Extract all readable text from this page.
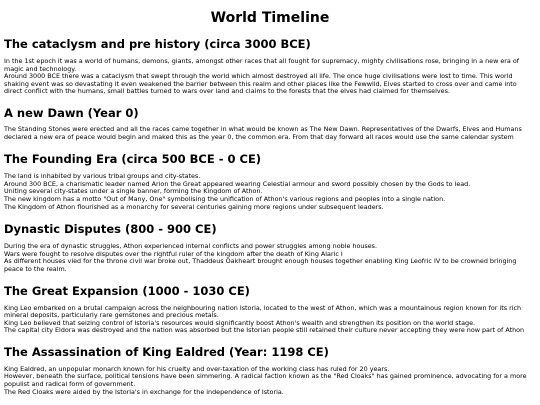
World Timeline
The cataclysm and pre history (circa 3000 BCE)

In the 1st epoch it was a world of humans, demons, giants, amongst other races that all fought for supremacy, mighty civilisations rose, bringing in a new era of magic and technology.

Around 3000 BCE there was a cataclysm that swept through the world which almost destroyed all life. The once huge civilisations were lost to time. This world shaking event was so devastating it even weakened the barrier between this realm and other places like the Fewwild, Elves started to cross over and came into direct conflict with the humans, small battles turned to wars over land and claims to the forests that the elves had claimed for themselves.

A new Dawn (Year 0)

The Standing Stones were erected and all the races came together in what would be known as The New Dawn. Representatives of the Dwarfs, Elves and Humans declared a new era of peace would begin and maked this as the year 0, the common era. From that day forward all races would use the same calendar system

The Founding Era (circa 500 BCE - 0 CE)

The land is inhabited by various tribal groups and city-states.

Around 300 BCE, a charismatic leader named Arion the Great appeared wearing Celestial armour and sword possibly chosen by the Gods to lead.

Uniting several city-states under a single banner, forming the Kingdom of Athon.

The new kingdom has a motto "Out of Many, One" symbolising the unification of Athon's various regions and peoples into a single nation.

The Kingdom of Athon flourished as a monarchy for several centuries gaining more regions under subsequent leaders.

Dynastic Disputes (800 - 900 CE)

During the era of dynastic struggles, Athon experienced internal conflicts and power struggles among noble houses.

Wars were fought to resolve disputes over the rightful ruler of the kingdom after the death of King Alaric I

As different houses vied for the throne civil war broke out, Thaddeus Oakheart brought enough houses together enabling King Leofric IV to be crowned bringing peace to the realm.

The Great Expansion (1000 - 1030 CE)

King Leo embarked on a brutal campaign across the neighbouring nation Istoria, located to the west of Athon, which was a mountainous region known for its rich mineral deposits, particularly rare gemstones and precious metals.

King Leo believed that seizing control of Istoria's resources would significantly boost Athon's wealth and strengthen its position on the world stage.

The capital city Eldora was destroyed and the nation was absorbed but the Istorian people still retained their culture never accepting they were now part of Athon

The Assassination of King Ealdred (Year: 1198 CE)

King Ealdred, an unpopular monarch known for his cruelty and over-taxation of the working class has ruled for 20 years.

However, beneath the surface, political tensions have been simmering. A radical faction known as the "Red Cloaks" has gained prominence, advocating for a more populist and radical form of government.

The Red Cloaks were aided by the Istoria's in exchange for the independence of Istoria.
